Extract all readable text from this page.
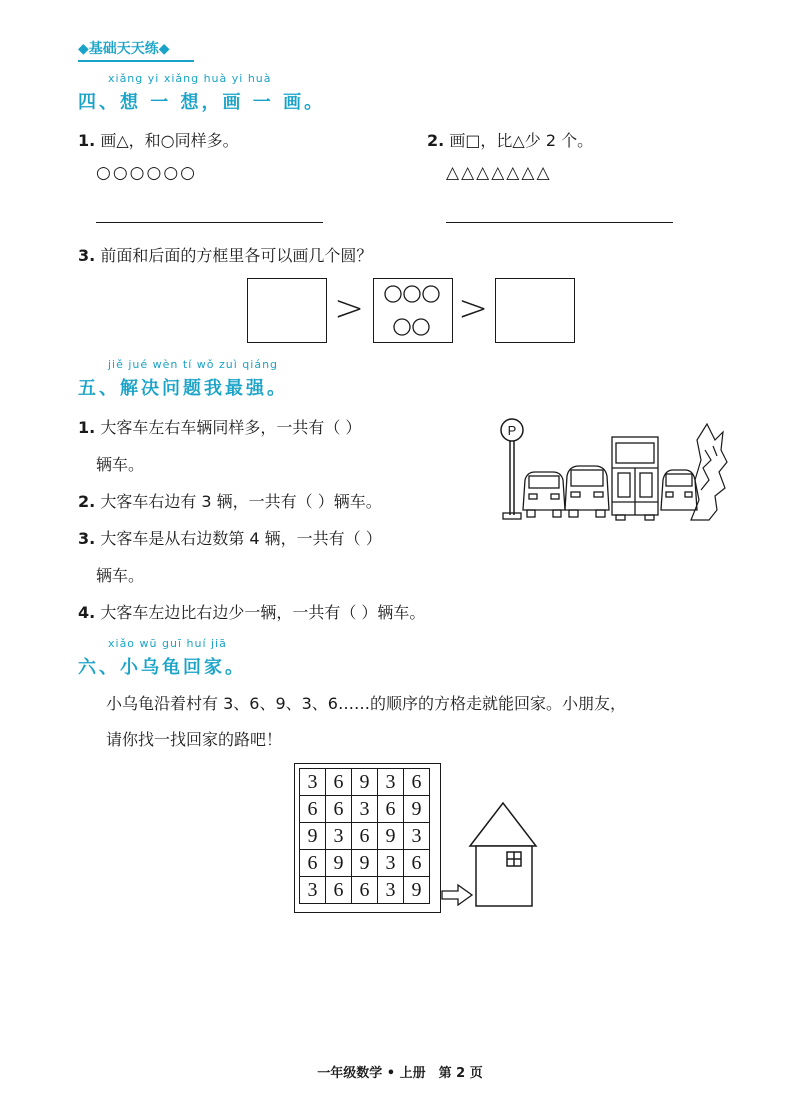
◆基础天天练◆
xiǎng yi xiǎng huà yi huà
四、想 一 想，画 一 画。
1. 画△，和○同样多。
○○○○○○
2. 画□，比△少 2 个。
△△△△△△△
3. 前面和后面的方框里各可以画几个圆？
>	>
jiě jué wèn tí wǒ zuì qiáng
五、解决问题我最强。
1. 大客车左右车辆同样多，一共有（ ）
辆车。
2. 大客车右边有 3 辆，一共有（ ）辆车。
3. 大客车是从右边数第 4 辆，一共有（ ）
辆车。
4. 大客车左边比右边少一辆，一共有（ ）辆车。
P
xiǎo wū guī huí jiā
六、小乌龟回家。
小乌龟沿着村有 3、6、9、3、6……的顺序的方格走就能回家。小朋友，
请你找一找回家的路吧！
3	6	9	3	6
6	6	3	6	9
9	3	6	9	3
6	9	9	3	6
3	6	6	3	9
一年级数学 • 上册　第 2 页
